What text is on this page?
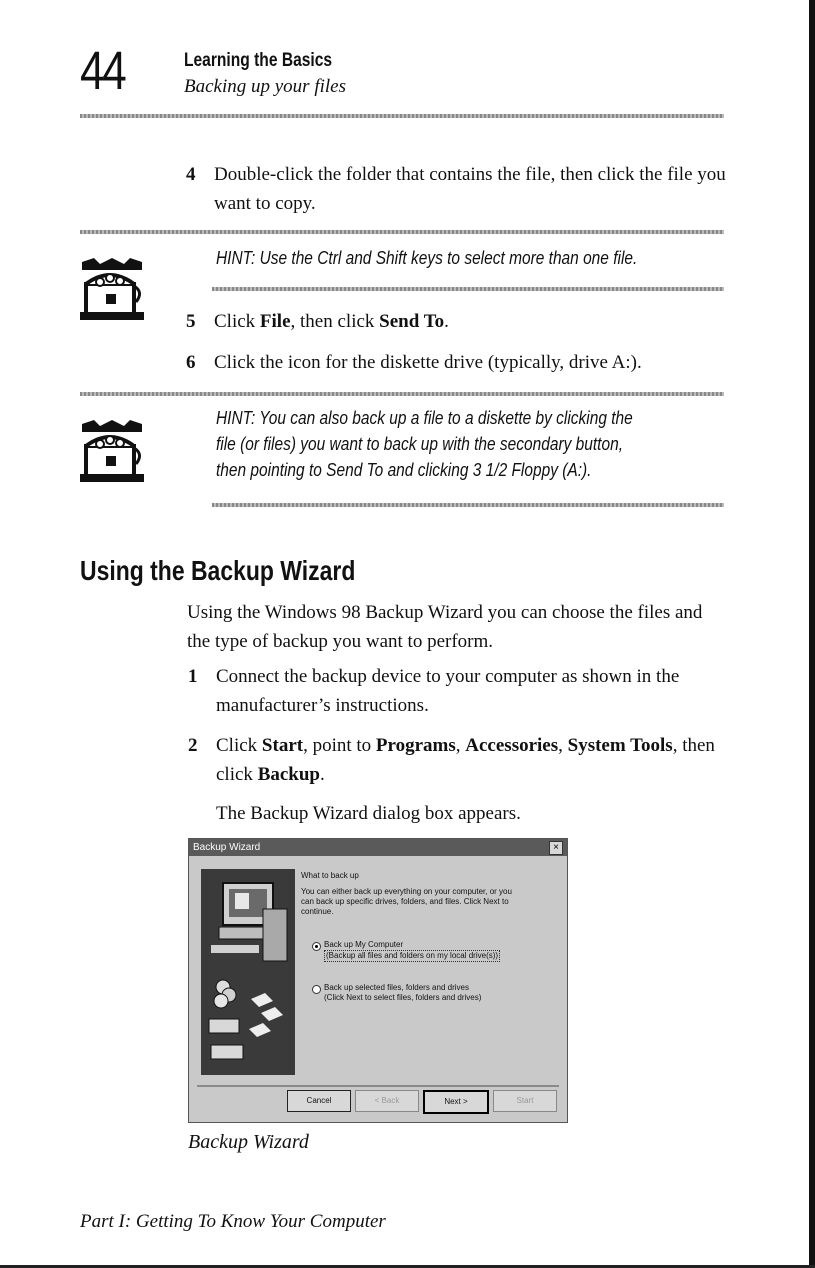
44	Learning the Basics
Backing up your files
4 Double-click the folder that contains the file, then click the file you want to copy.
HINT: Use the Ctrl and Shift keys to select more than one file.
5 Click File, then click Send To.
6 Click the icon for the diskette drive (typically, drive A:).
HINT: You can also back up a file to a diskette by clicking the
file (or files) you want to back up with the secondary button,
then pointing to Send To and clicking 3 1/2 Floppy (A:).
Using the Backup Wizard
Using the Windows 98 Backup Wizard you can choose the files and the type of backup you want to perform.
1 Connect the backup device to your computer as shown in the manufacturer’s instructions.
2 Click Start, point to Programs, Accessories, System Tools, then click Backup.
The Backup Wizard dialog box appears.
Backup Wizard	×
What to back up
You can either back up everything on your computer, or you
can back up specific drives, folders, and files. Click Next to
continue.
Back up My Computer
(Backup all files and folders on my local drive(s))
Back up selected files, folders and drives
(Click Next to select files, folders and drives)
Cancel	< Back	Next >	Start
Backup Wizard
Part I: Getting To Know Your Computer
